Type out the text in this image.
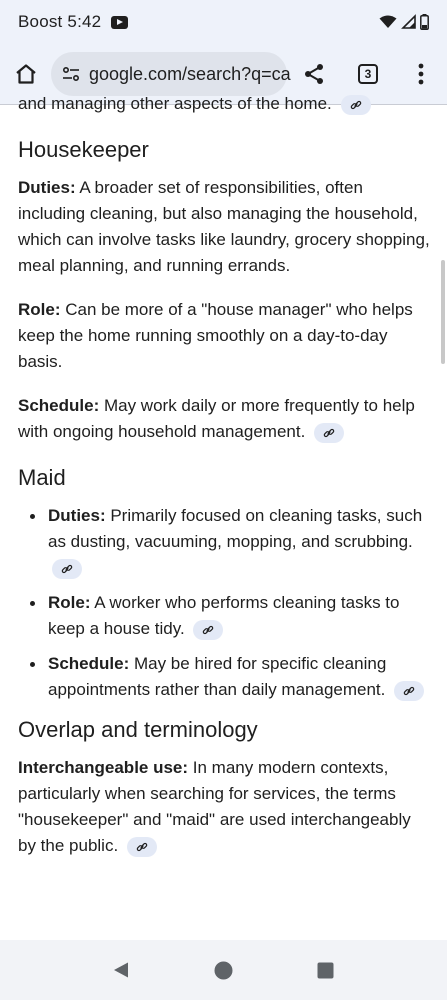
Boost 5:42
google.com/search?q=ca	3

and managing other aspects of the home.

Housekeeper

Duties: A broader set of responsibilities, often including cleaning, but also managing the household, which can involve tasks like laundry, grocery shopping, meal planning, and running errands.

Role: Can be more of a "house manager" who helps keep the home running smoothly on a day-to-day basis.

Schedule: May work daily or more frequently to help with ongoing household management.

Maid
Duties: Primarily focused on cleaning tasks, such as dusting, vacuuming, mopping, and scrubbing.
Role: A worker who performs cleaning tasks to keep a house tidy.
Schedule: May be hired for specific cleaning appointments rather than daily management.
Overlap and terminology

Interchangeable use: In many modern contexts, particularly when searching for services, the terms "housekeeper" and "maid" are used interchangeably by the public.
